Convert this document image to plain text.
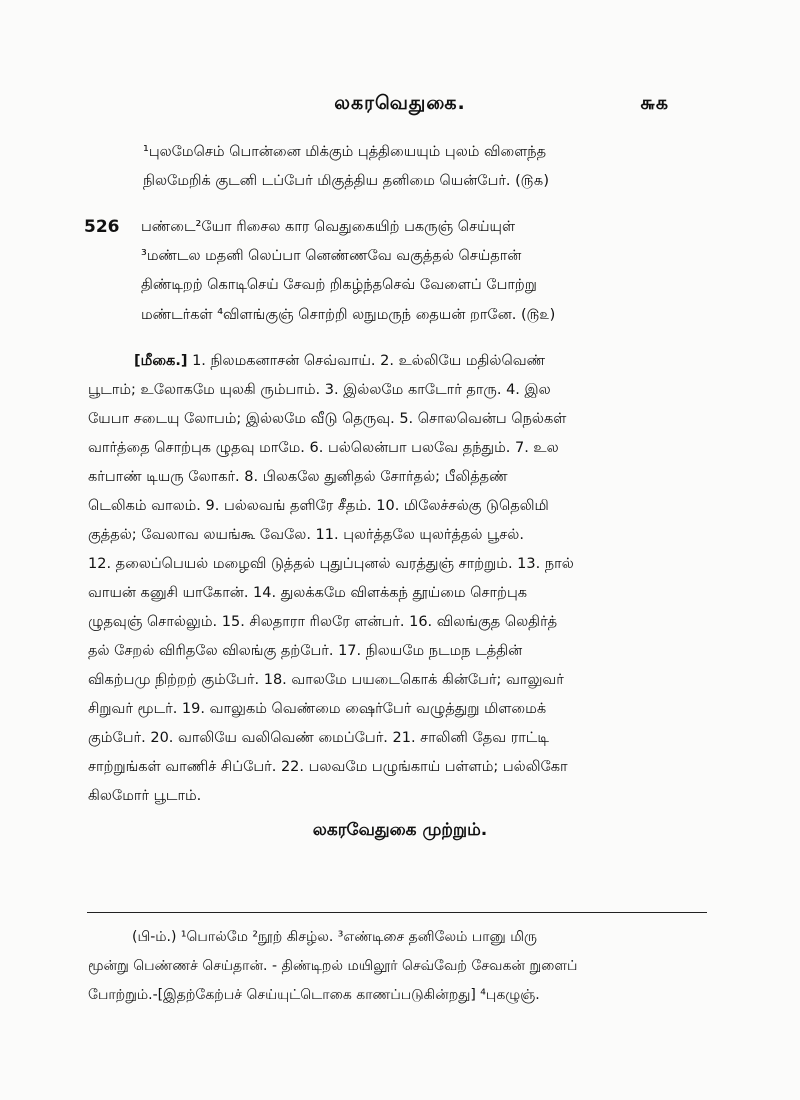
லகரவெதுகை.	௬௧
¹புலமேசெம் பொன்னை மிக்கும் புத்தியையும் புலம் விளைந்த
நிலமேறிக் குடனி டப்பேர் மிகுத்திய தனிமை யென்பேர். (௫௧)
526 பண்டை²யோ ரிசைல கார வெதுகையிற் பகருஞ் செய்யுள்
³மண்டல மதனி லெப்பா னெண்ணவே வகுத்தல் செய்தான்
திண்டிறற் கொடிசெய் சேவற் றிகழ்ந்தசெவ் வேளைப் போற்று
மண்டர்கள் ⁴விளங்குஞ் சொற்றி லநுமருந் தையன் றானே. (௫௨)
[மீகை.] 1. நிலமகனாசன் செவ்வாய். 2. உல்லியே மதில்வெண்
பூடாம்; உலோகமே யுலகி ரும்பாம். 3. இல்லமே காடோர் தாரு. 4. இல
யேபா சடையு லோபம்; இல்லமே வீடு தெருவு. 5. சொலவென்ப நெல்கள்
வார்த்தை சொற்புக ழுதவு மாமே. 6. பல்லென்பா பலவே தந்தும். 7. உல
கர்பாண் டியரு லோகர். 8. பிலகலே துனிதல் சோர்தல்; பீலித்தண்
டெலிகம் வாலம். 9. பல்லவங் தளிரே சீதம். 10. மிலேச்சல்கு டுதெலிமி
குத்தல்; வேலாவ லயங்கூ வேலே. 11. புலர்த்தலே யுலர்த்தல் பூசல்.
12. தலைப்பெயல் மழைவி டுத்தல் புதுப்புனல் வரத்துஞ் சாற்றும். 13. நால்
வாயன் கனுசி யாகோன். 14. துலக்கமே விளக்கந் தூய்மை சொற்புக
ழுதவுஞ் சொல்லும். 15. சிலதாரா ரிலரே ளன்பர். 16. விலங்குத லெதிர்த்
தல் சேறல் விரிதலே விலங்கு தற்பேர். 17. நிலயமே நடமந டத்தின்
விகற்பமு நிற்றற் கும்பேர். 18. வாலமே பயடைகொக் கின்பேர்; வாலுவர்
சிறுவர் மூடர். 19. வாலுகம் வெண்மை ஷைர்பேர் வழுத்துறு மிளமைக்
கும்பேர். 20. வாலியே வலிவெண் மைப்பேர். 21. சாலினி தேவ ராட்டி
சாற்றுங்கள் வாணிச் சிப்பேர். 22. பலவமே பழுங்காய் பள்ளம்; பல்லிகோ
கிலமோர் பூடாம்.
லகரவேதுகை முற்றும்.
(பி-ம்.) ¹பொல்மே ²நூற் கிசழ்ல. ³எண்டிசை தனிலேம் பானு மிரு
மூன்று பெண்ணச் செய்தான். - திண்டிறல் மயிலூர் செவ்வேற் சேவகன் றுளைப்
போற்றும்.-[இதற்கேற்பச் செய்யுட்டொகை காணப்படுகின்றது] ⁴புகழுஞ்.
